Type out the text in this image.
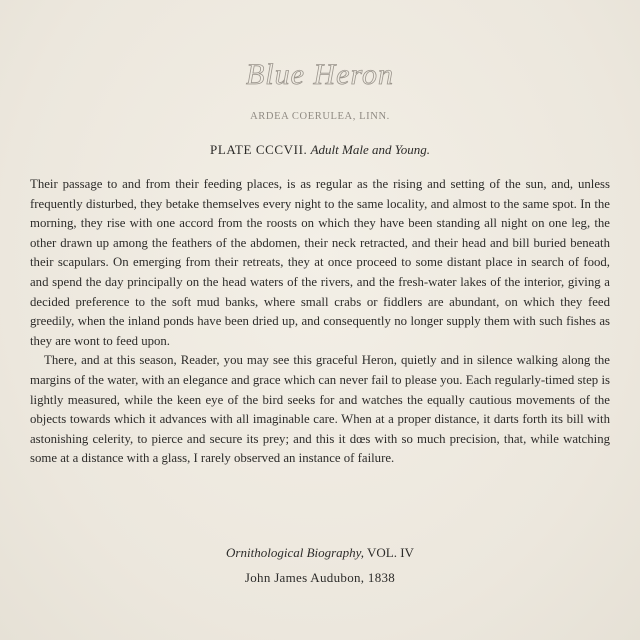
Blue Heron
ARDEA COERULEA, LINN.
PLATE CCCVII. Adult Male and Young.

Their passage to and from their feeding places, is as regular as the rising and setting of the sun, and, unless frequently disturbed, they betake themselves every night to the same locality, and almost to the same spot. In the morning, they rise with one accord from the roosts on which they have been standing all night on one leg, the other drawn up among the feathers of the abdomen, their neck retracted, and their head and bill buried beneath their scapulars. On emerging from their retreats, they at once proceed to some distant place in search of food, and spend the day principally on the head waters of the rivers, and the fresh-water lakes of the interior, giving a decided preference to the soft mud banks, where small crabs or fiddlers are abundant, on which they feed greedily, when the inland ponds have been dried up, and consequently no longer supply them with such fishes as they are wont to feed upon.

There, and at this season, Reader, you may see this graceful Heron, quietly and in silence walking along the margins of the water, with an elegance and grace which can never fail to please you. Each regularly-timed step is lightly measured, while the keen eye of the bird seeks for and watches the equally cautious movements of the objects towards which it advances with all imaginable care. When at a proper distance, it darts forth its bill with astonishing celerity, to pierce and secure its prey; and this it dœs with so much precision, that, while watching some at a distance with a glass, I rarely observed an instance of failure.

Ornithological Biography, VOL. IV
John James Audubon, 1838
